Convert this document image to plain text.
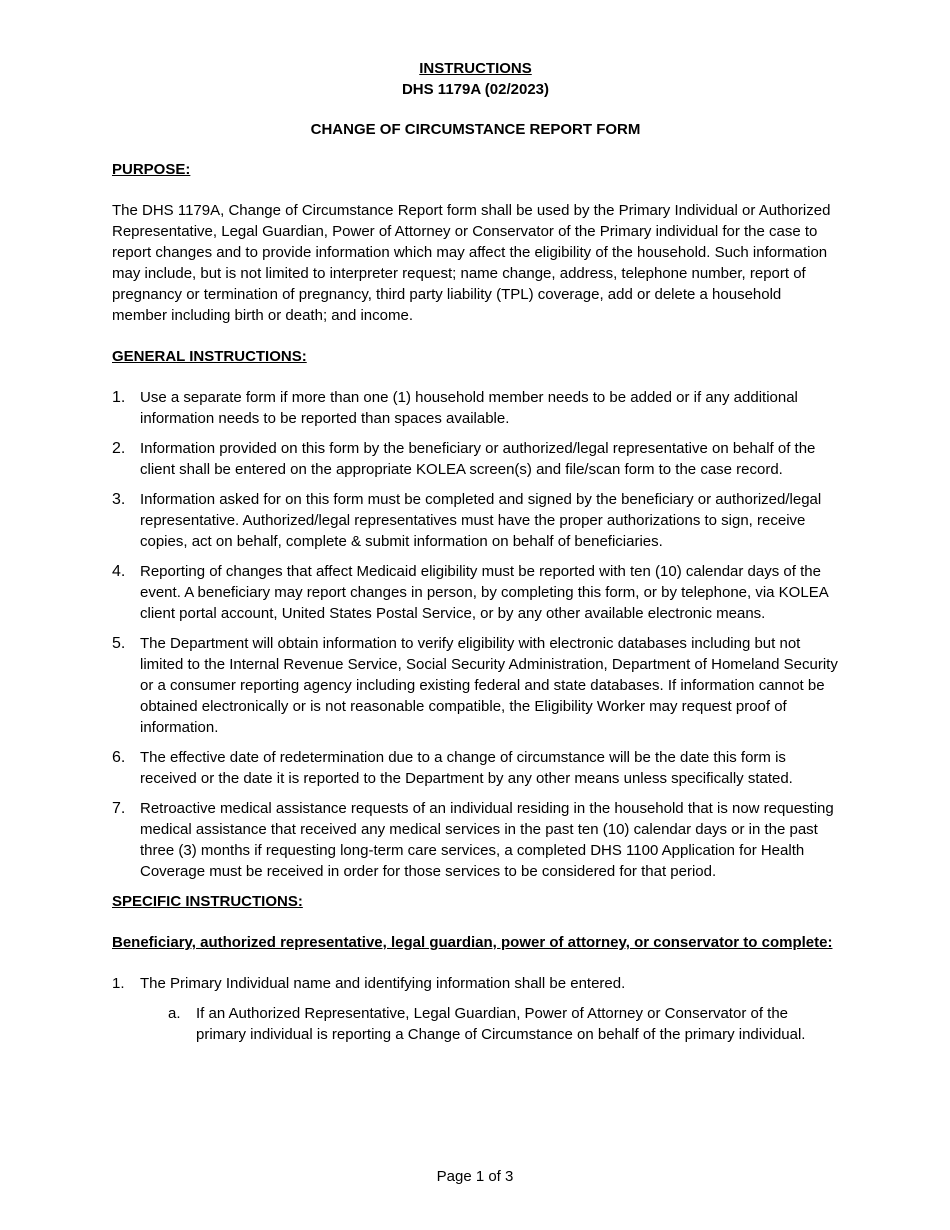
INSTRUCTIONS
DHS 1179A (02/2023)
CHANGE OF CIRCUMSTANCE REPORT FORM
PURPOSE:
The DHS 1179A, Change of Circumstance Report form shall be used by the Primary Individual or Authorized Representative, Legal Guardian, Power of Attorney or Conservator of the Primary individual for the case to report changes and to provide information which may affect the eligibility of the household. Such information may include, but is not limited to interpreter request; name change, address, telephone number, report of pregnancy or termination of pregnancy, third party liability (TPL) coverage, add or delete a household member including birth or death; and income.
GENERAL INSTRUCTIONS:
1. Use a separate form if more than one (1) household member needs to be added or if any additional information needs to be reported than spaces available.
2. Information provided on this form by the beneficiary or authorized/legal representative on behalf of the client shall be entered on the appropriate KOLEA screen(s) and file/scan form to the case record.
3. Information asked for on this form must be completed and signed by the beneficiary or authorized/legal representative. Authorized/legal representatives must have the proper authorizations to sign, receive copies, act on behalf, complete & submit information on behalf of beneficiaries.
4. Reporting of changes that affect Medicaid eligibility must be reported with ten (10) calendar days of the event. A beneficiary may report changes in person, by completing this form, or by telephone, via KOLEA client portal account, United States Postal Service, or by any other available electronic means.
5. The Department will obtain information to verify eligibility with electronic databases including but not limited to the Internal Revenue Service, Social Security Administration, Department of Homeland Security or a consumer reporting agency including existing federal and state databases. If information cannot be obtained electronically or is not reasonable compatible, the Eligibility Worker may request proof of information.
6. The effective date of redetermination due to a change of circumstance will be the date this form is received or the date it is reported to the Department by any other means unless specifically stated.
7. Retroactive medical assistance requests of an individual residing in the household that is now requesting medical assistance that received any medical services in the past ten (10) calendar days or in the past three (3) months if requesting long-term care services, a completed DHS 1100 Application for Health Coverage must be received in order for those services to be considered for that period.
SPECIFIC INSTRUCTIONS:
Beneficiary, authorized representative, legal guardian, power of attorney, or conservator to complete:
1. The Primary Individual name and identifying information shall be entered.
a. If an Authorized Representative, Legal Guardian, Power of Attorney or Conservator of the primary individual is reporting a Change of Circumstance on behalf of the primary individual.
Page 1 of 3
